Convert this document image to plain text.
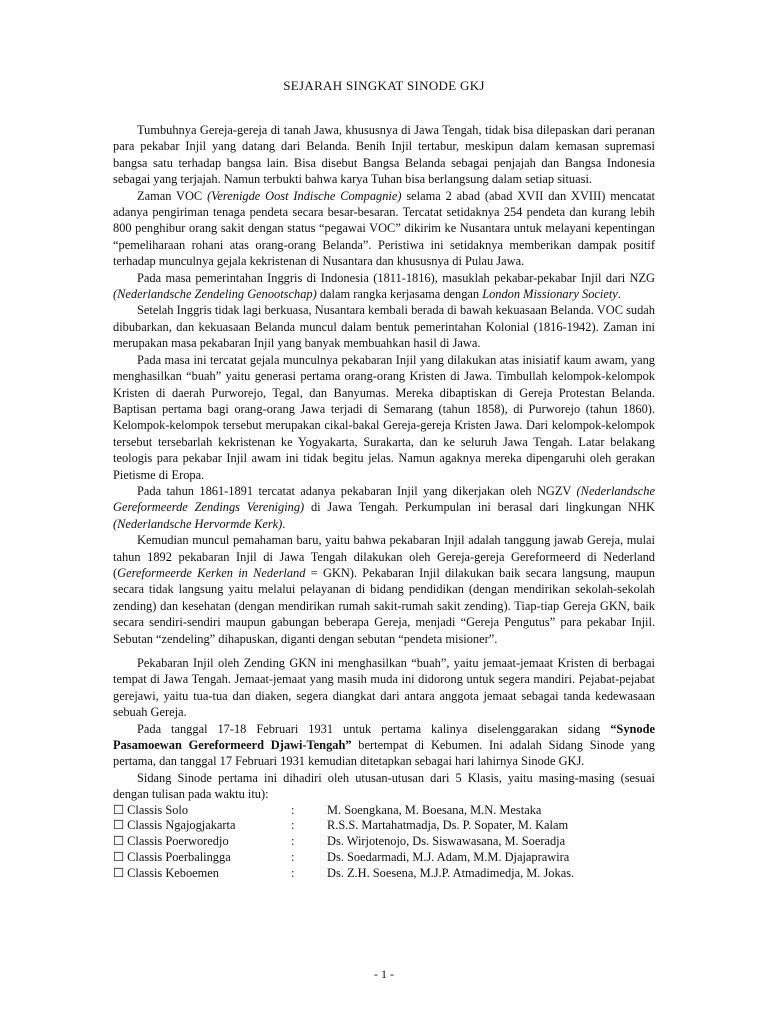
SEJARAH SINGKAT SINODE GKJ

Tumbuhnya Gereja-gereja di tanah Jawa, khususnya di Jawa Tengah, tidak bisa dilepaskan dari peranan para pekabar Injil yang datang dari Belanda. Benih Injil tertabur, meskipun dalam kemasan supremasi bangsa satu terhadap bangsa lain. Bisa disebut Bangsa Belanda sebagai penjajah dan Bangsa Indonesia sebagai yang terjajah. Namun terbukti bahwa karya Tuhan bisa berlangsung dalam setiap situasi.

Zaman VOC (Verenigde Oost Indische Compagnie) selama 2 abad (abad XVII dan XVIII) mencatat adanya pengiriman tenaga pendeta secara besar-besaran. Tercatat setidaknya 254 pendeta dan kurang lebih 800 penghibur orang sakit dengan status “pegawai VOC” dikirim ke Nusantara untuk melayani kepentingan “pemeliharaan rohani atas orang-orang Belanda”. Peristiwa ini setidaknya memberikan dampak positif terhadap munculnya gejala kekristenan di Nusantara dan khususnya di Pulau Jawa.

Pada masa pemerintahan Inggris di Indonesia (1811-1816), masuklah pekabar-pekabar Injil dari NZG (Nederlandsche Zendeling Genootschap) dalam rangka kerjasama dengan London Missionary Society.

Setelah Inggris tidak lagi berkuasa, Nusantara kembali berada di bawah kekuasaan Belanda. VOC sudah dibubarkan, dan kekuasaan Belanda muncul dalam bentuk pemerintahan Kolonial (1816-1942). Zaman ini merupakan masa pekabaran Injil yang banyak membuahkan hasil di Jawa.

Pada masa ini tercatat gejala munculnya pekabaran Injil yang dilakukan atas inisiatif kaum awam, yang menghasilkan “buah” yaitu generasi pertama orang-orang Kristen di Jawa. Timbullah kelompok-kelompok Kristen di daerah Purworejo, Tegal, dan Banyumas. Mereka dibaptiskan di Gereja Protestan Belanda. Baptisan pertama bagi orang-orang Jawa terjadi di Semarang (tahun 1858), di Purworejo (tahun 1860). Kelompok-kelompok tersebut merupakan cikal-bakal Gereja-gereja Kristen Jawa. Dari kelompok-kelompok tersebut tersebarlah kekristenan ke Yogyakarta, Surakarta, dan ke seluruh Jawa Tengah. Latar belakang teologis para pekabar Injil awam ini tidak begitu jelas. Namun agaknya mereka dipengaruhi oleh gerakan Pietisme di Eropa.

Pada tahun 1861-1891 tercatat adanya pekabaran Injil yang dikerjakan oleh NGZV (Nederlandsche Gereformeerde Zendings Vereniging) di Jawa Tengah. Perkumpulan ini berasal dari lingkungan NHK (Nederlandsche Hervormde Kerk).

Kemudian muncul pemahaman baru, yaitu bahwa pekabaran Injil adalah tanggung jawab Gereja, mulai tahun 1892 pekabaran Injil di Jawa Tengah dilakukan oleh Gereja-gereja Gereformeerd di Nederland (Gereformeerde Kerken in Nederland = GKN). Pekabaran Injil dilakukan baik secara langsung, maupun secara tidak langsung yaitu melalui pelayanan di bidang pendidikan (dengan mendirikan sekolah-sekolah zending) dan kesehatan (dengan mendirikan rumah sakit-rumah sakit zending). Tiap-tiap Gereja GKN, baik secara sendiri-sendiri maupun gabungan beberapa Gereja, menjadi “Gereja Pengutus” para pekabar Injil. Sebutan “zendeling” dihapuskan, diganti dengan sebutan “pendeta misioner”.

Pekabaran Injil oleh Zending GKN ini menghasilkan “buah”, yaitu jemaat-jemaat Kristen di berbagai tempat di Jawa Tengah. Jemaat-jemaat yang masih muda ini didorong untuk segera mandiri. Pejabat-pejabat gerejawi, yaitu tua-tua dan diaken, segera diangkat dari antara anggota jemaat sebagai tanda kedewasaan sebuah Gereja.

Pada tanggal 17-18 Februari 1931 untuk pertama kalinya diselenggarakan sidang “Synode Pasamoewan Gereformeerd Djawi-Tengah” bertempat di Kebumen. Ini adalah Sidang Sinode yang pertama, dan tanggal 17 Februari 1931 kemudian ditetapkan sebagai hari lahirnya Sinode GKJ.

Sidang Sinode pertama ini dihadiri oleh utusan-utusan dari 5 Klasis, yaitu masing-masing (sesuai dengan tulisan pada waktu itu):

☐ Classis Solo	:	M. Soengkana, M. Boesana, M.N. Mestaka
☐ Classis Ngajogjakarta	:	R.S.S. Martahatmadja, Ds. P. Sopater, M. Kalam
☐ Classis Poerworedjo	:	Ds. Wirjotenojo, Ds. Siswawasana, M. Soeradja
☐ Classis Poerbalingga	:	Ds. Soedarmadi, M.J. Adam, M.M. Djajaprawira
☐ Classis Keboemen	:	Ds. Z.H. Soesena, M.J.P. Atmadimedja, M. Jokas.
- 1 -
